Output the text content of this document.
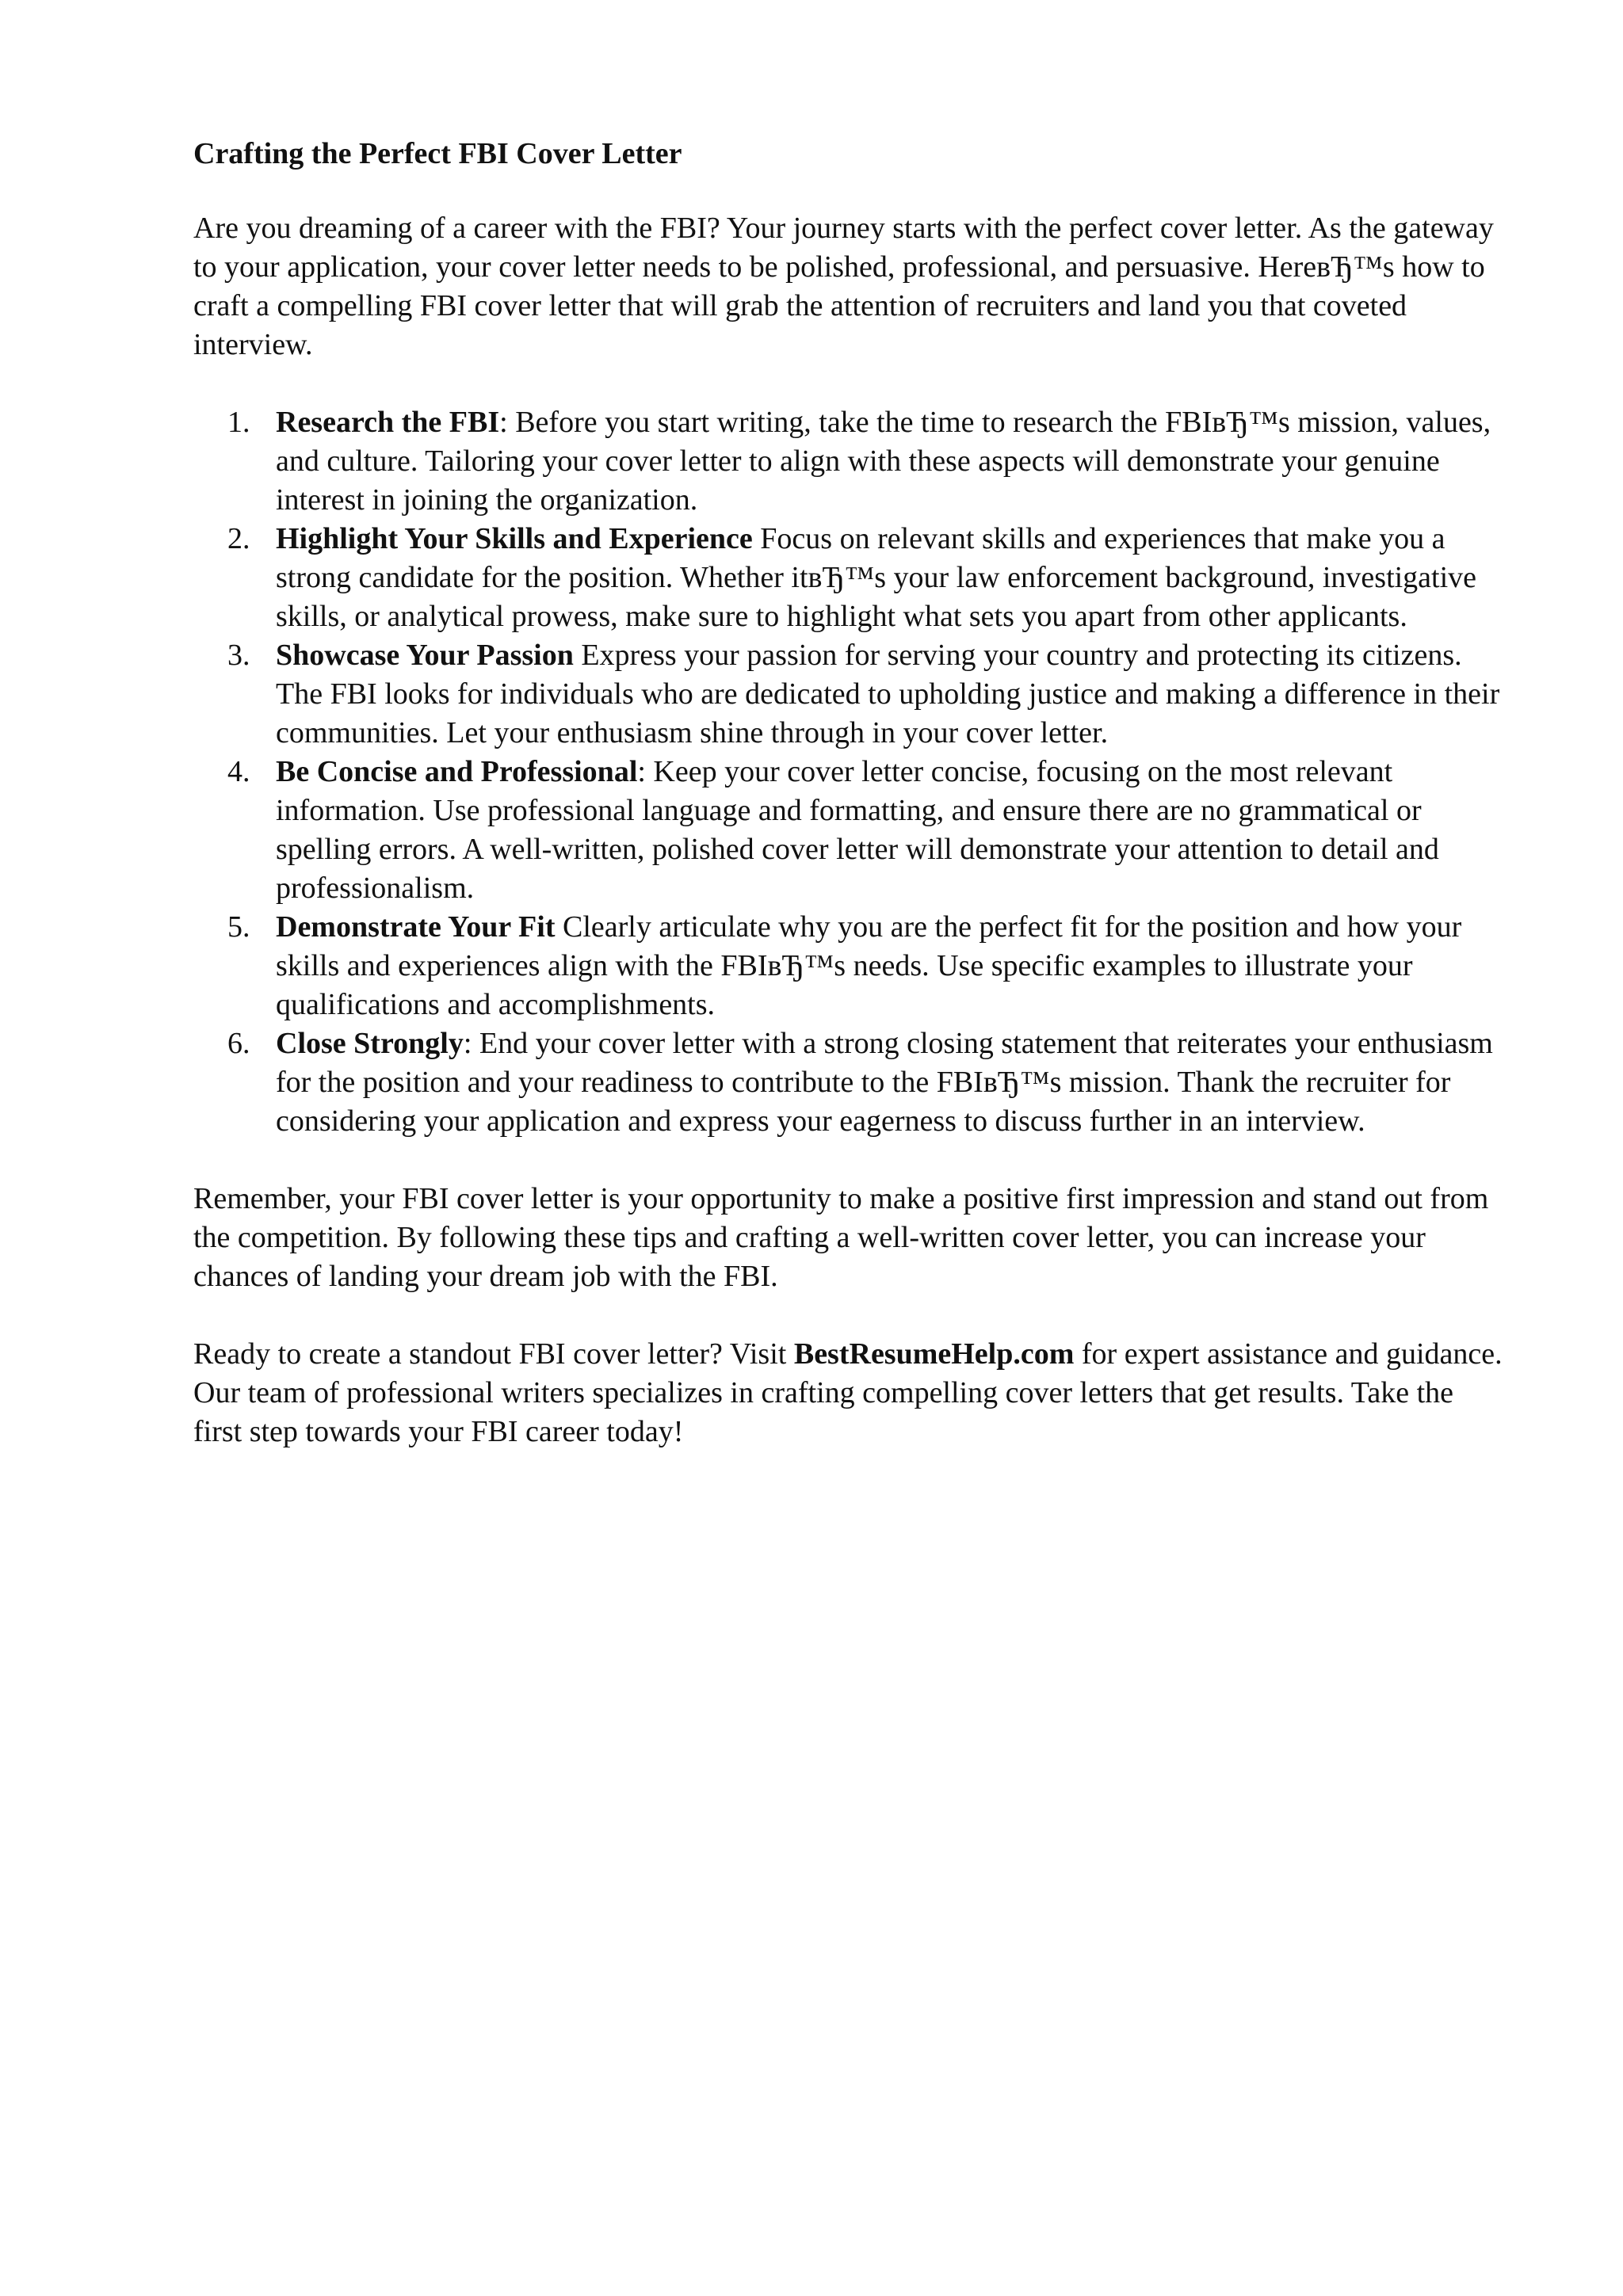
Crafting the Perfect FBI Cover Letter

Are you dreaming of a career with the FBI? Your journey starts with the perfect cover letter. As the gateway to your application, your cover letter needs to be polished, professional, and persuasive. HereвЂ™s how to craft a compelling FBI cover letter that will grab the attention of recruiters and land you that coveted interview.

1. Research the FBI: Before you start writing, take the time to research the FBIвЂ™s mission, values, and culture. Tailoring your cover letter to align with these aspects will demonstrate your genuine interest in joining the organization.
2. Highlight Your Skills and Experience Focus on relevant skills and experiences that make you a strong candidate for the position. Whether itвЂ™s your law enforcement background, investigative skills, or analytical prowess, make sure to highlight what sets you apart from other applicants.
3. Showcase Your Passion Express your passion for serving your country and protecting its citizens. The FBI looks for individuals who are dedicated to upholding justice and making a difference in their communities. Let your enthusiasm shine through in your cover letter.
4. Be Concise and Professional: Keep your cover letter concise, focusing on the most relevant information. Use professional language and formatting, and ensure there are no grammatical or spelling errors. A well-written, polished cover letter will demonstrate your attention to detail and professionalism.
5. Demonstrate Your Fit Clearly articulate why you are the perfect fit for the position and how your skills and experiences align with the FBIвЂ™s needs. Use specific examples to illustrate your qualifications and accomplishments.
6. Close Strongly: End your cover letter with a strong closing statement that reiterates your enthusiasm for the position and your readiness to contribute to the FBIвЂ™s mission. Thank the recruiter for considering your application and express your eagerness to discuss further in an interview.

Remember, your FBI cover letter is your opportunity to make a positive first impression and stand out from the competition. By following these tips and crafting a well-written cover letter, you can increase your chances of landing your dream job with the FBI.

Ready to create a standout FBI cover letter? Visit BestResumeHelp.com for expert assistance and guidance. Our team of professional writers specializes in crafting compelling cover letters that get results. Take the first step towards your FBI career today!
